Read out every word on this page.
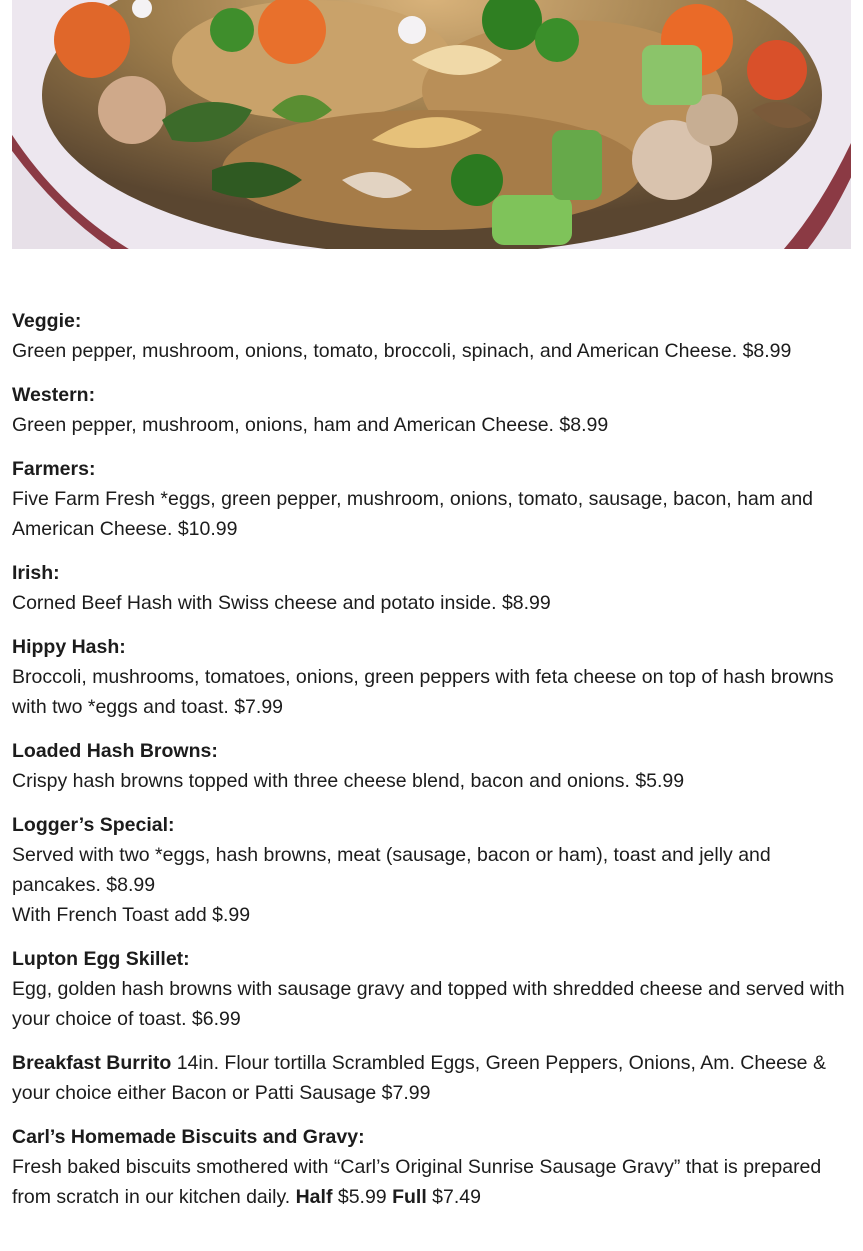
Veggie:
Green pepper, mushroom, onions, tomato, broccoli, spinach, and American Cheese. $8.99
Western:
Green pepper, mushroom, onions, ham and American Cheese. $8.99
Farmers:
Five Farm Fresh *eggs, green pepper, mushroom, onions, tomato, sausage, bacon, ham and American Cheese. $10.99
Irish:
Corned Beef Hash with Swiss cheese and potato inside. $8.99
Hippy Hash:
Broccoli, mushrooms, tomatoes, onions, green peppers with feta cheese on top of hash browns with two *eggs and toast. $7.99
Loaded Hash Browns:
Crispy hash browns topped with three cheese blend, bacon and onions. $5.99
Logger’s Special:
Served with two *eggs, hash browns, meat (sausage, bacon or ham), toast and jelly and pancakes. $8.99
With French Toast add $.99
Lupton Egg Skillet:
Egg, golden hash browns with sausage gravy and topped with shredded cheese and served with your choice of toast. $6.99
Breakfast Burrito 14in. Flour tortilla Scrambled Eggs, Green Peppers, Onions, Am. Cheese & your choice either Bacon or Patti Sausage $7.99
Carl’s Homemade Biscuits and Gravy:
Fresh baked biscuits smothered with “Carl’s Original Sunrise Sausage Gravy” that is prepared from scratch in our kitchen daily. Half $5.99 Full $7.49
